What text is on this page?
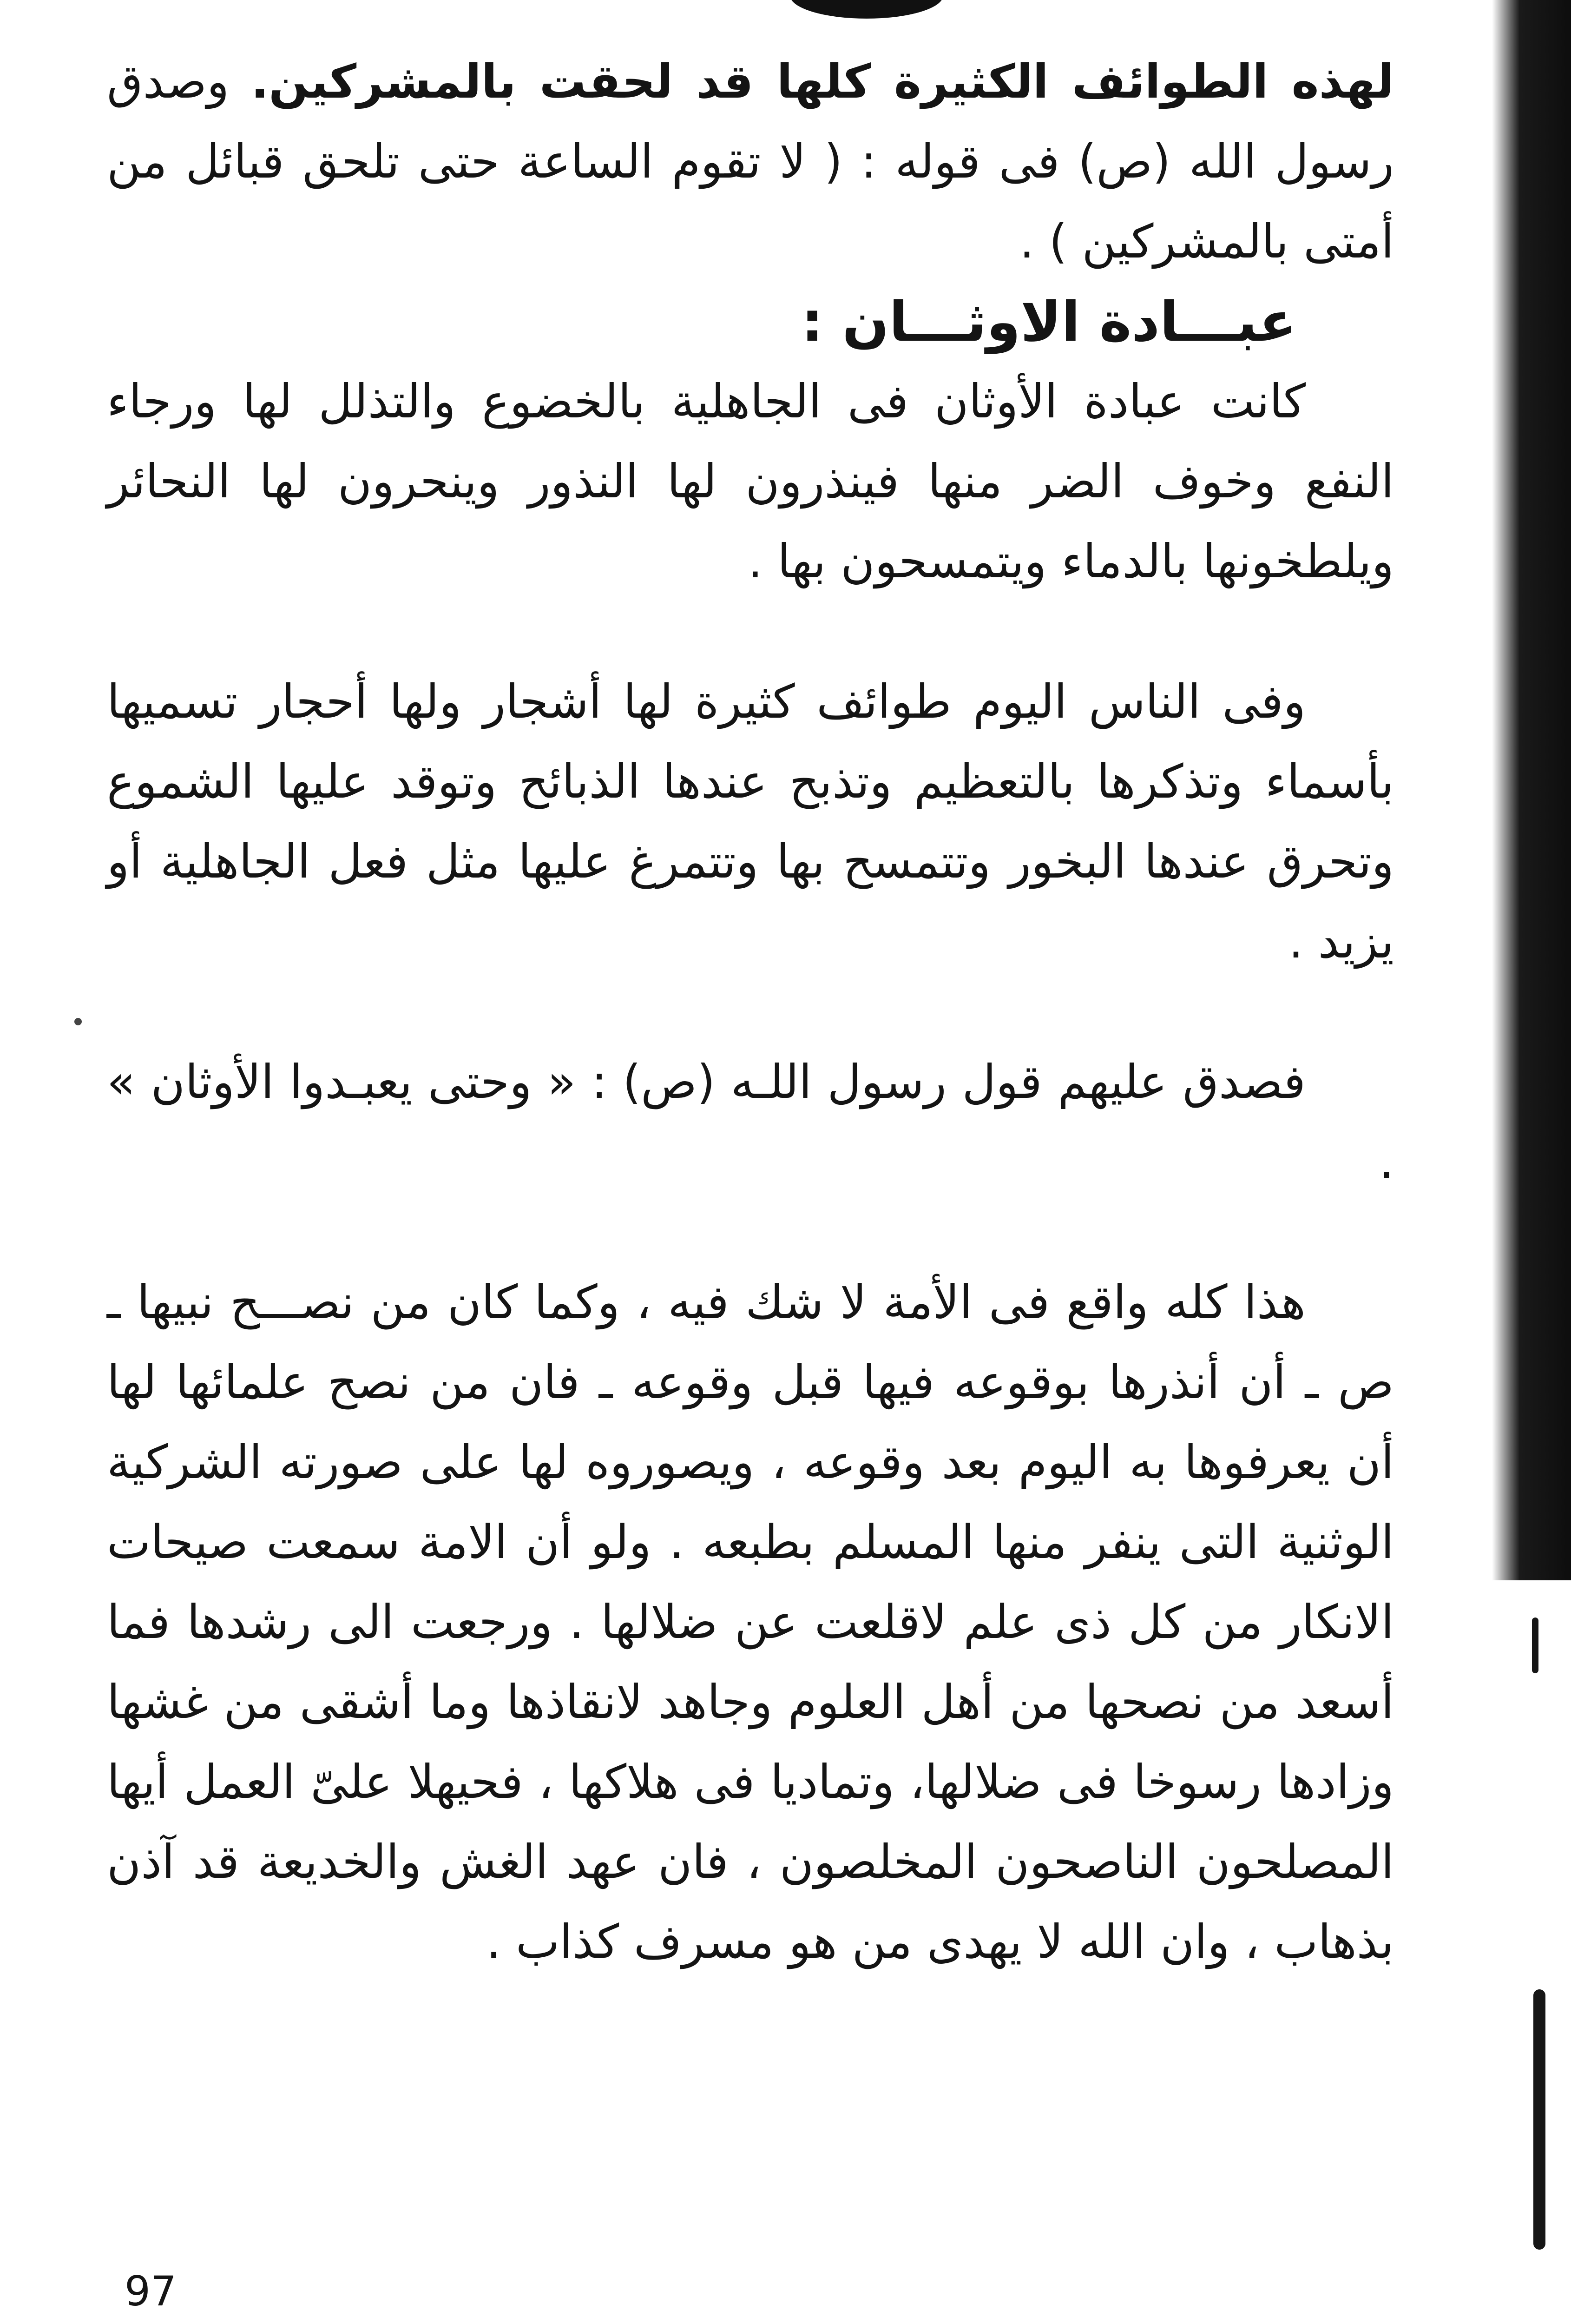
لهذه الطوائف الكثيرة كلها قد لحقت بالمشركين. وصدق رسول الله (ص) فى قوله : ( لا تقوم الساعة حتى تلحق قبائل من أمتى بالمشركين ) .

عبـــادة الاوثـــان :

كانت عبادة الأوثان فى الجاهلية بالخضوع والتذلل لها ورجاء النفع وخوف الضر منها فينذرون لها النذور وينحرون لها النحائر ويلطخونها بالدماء ويتمسحون بها .

وفى الناس اليوم طوائف كثيرة لها أشجار ولها أحجار تسميها بأسماء وتذكرها بالتعظيم وتذبح عندها الذبائح وتوقد عليها الشموع وتحرق عندها البخور وتتمسح بها وتتمرغ عليها مثل فعل الجاهلية أو يزيد .

فصدق عليهم قول رسول اللـه (ص) : « وحتى يعبـدوا الأوثان » .

هذا كله واقع فى الأمة لا شك فيه ، وكما كان من نصـــح نبيها ـ ص ـ أن أنذرها بوقوعه فيها قبل وقوعه ـ فان من نصح علمائها لها أن يعرفوها به اليوم بعد وقوعه ، ويصوروه لها على صورته الشركية الوثنية التى ينفر منها المسلم بطبعه . ولو أن الامة سمعت صيحات الانكار من كل ذى علم لاقلعت عن ضلالها . ورجعت الى رشدها فما أسعد من نصحها من أهل العلوم وجاهد لانقاذها وما أشقى من غشها وزادها رسوخا فى ضلالها، وتماديا فى هلاكها ، فحيهلا علىّ العمل أيها المصلحون الناصحون المخلصون ، فان عهد الغش والخديعة قد آذن بذهاب ، وان الله لا يهدى من هو مسرف كذاب .

97
